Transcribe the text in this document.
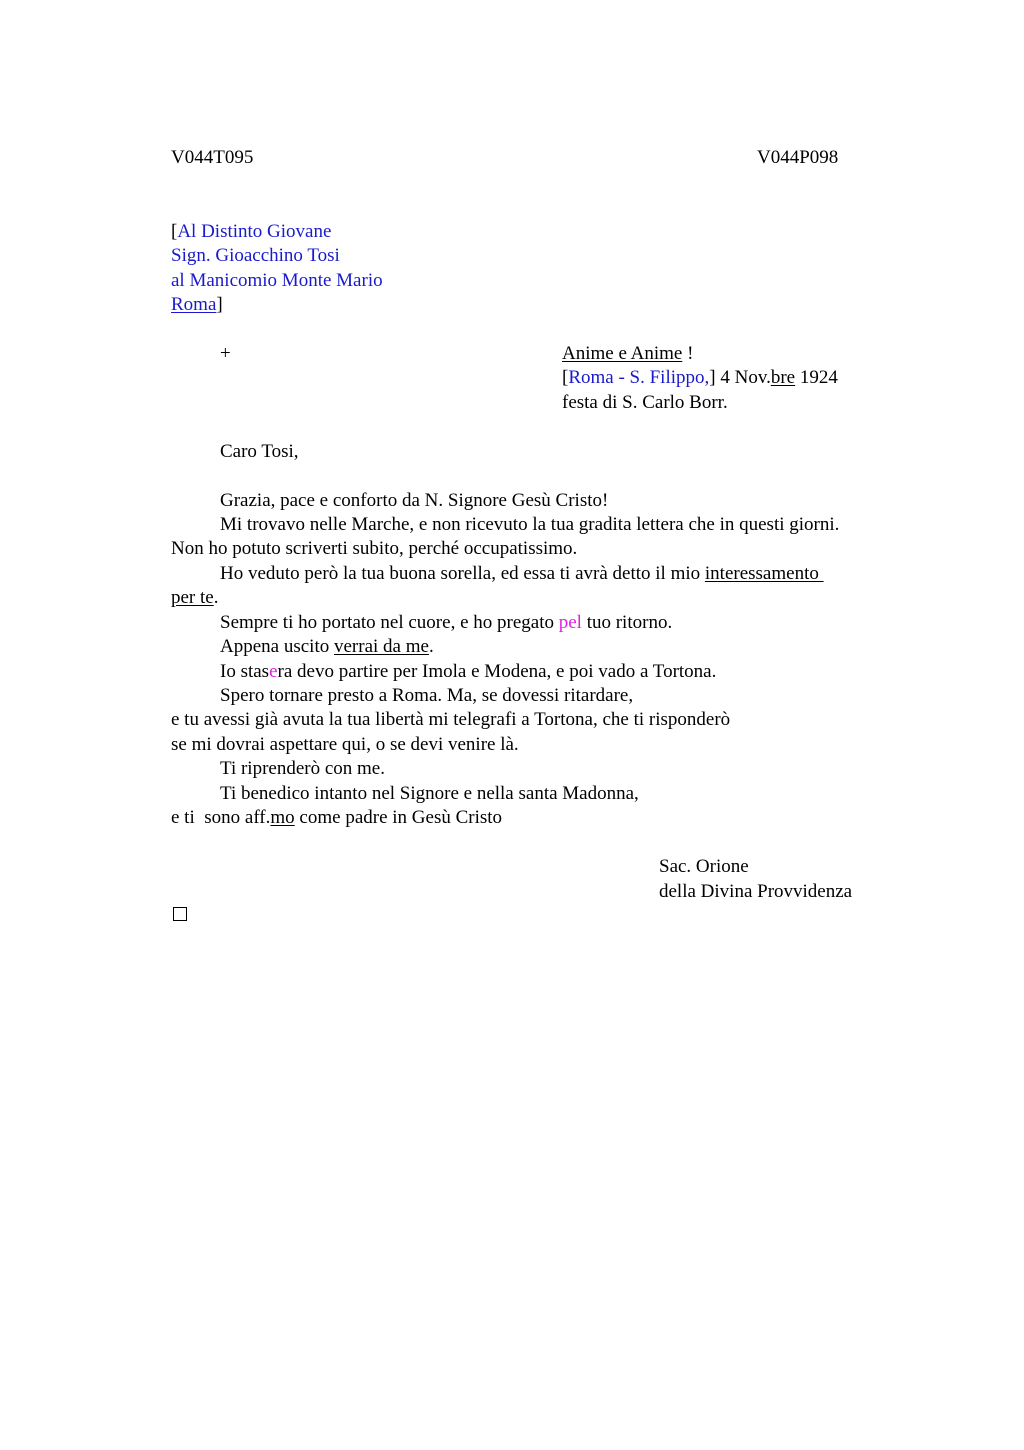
V044T095	V044P098
[Al Distinto Giovane
Sign. Gioacchino Tosi
al Manicomio Monte Mario
Roma]
+	Anime e Anime !
[Roma - S. Filippo,] 4 Nov.bre 1924
festa di S. Carlo Borr.
Caro Tosi,
Grazia, pace e conforto da N. Signore Gesù Cristo!
Mi trovavo nelle Marche, e non ricevuto la tua gradita lettera che in questi giorni.
Non ho potuto scriverti subito, perché occupatissimo.
Ho veduto però la tua buona sorella, ed essa ti avrà detto il mio interessamento
per te.
Sempre ti ho portato nel cuore, e ho pregato pel tuo ritorno.
Appena uscito verrai da me.
Io stasera devo partire per Imola e Modena, e poi vado a Tortona.
Spero tornare presto a Roma. Ma, se dovessi ritardare,
e tu avessi già avuta la tua libertà mi telegrafi a Tortona, che ti risponderò
se mi dovrai aspettare qui, o se devi venire là.
Ti riprenderò con me.
Ti benedico intanto nel Signore e nella santa Madonna,
e ti  sono aff.mo come padre in Gesù Cristo
Sac. Orione
della Divina Provvidenza
